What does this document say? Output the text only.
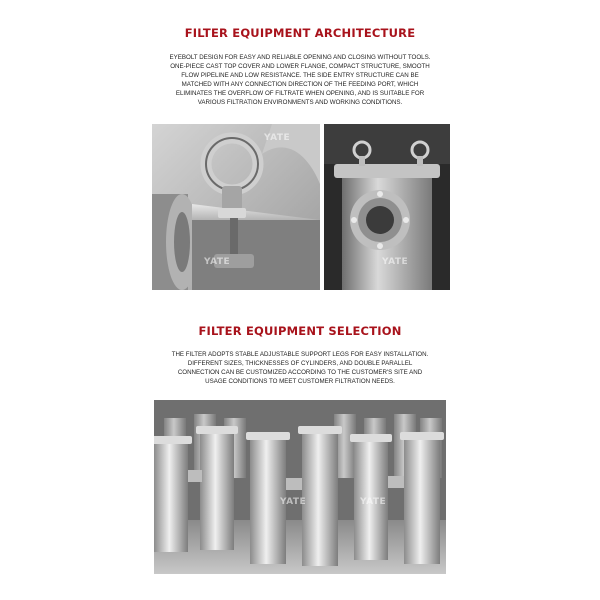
FILTER EQUIPMENT ARCHITECTURE
EYEBOLT DESIGN FOR EASY AND RELIABLE OPENING AND CLOSING WITHOUT TOOLS.
ONE-PIECE CAST TOP COVER AND LOWER FLANGE, COMPACT STRUCTURE, SMOOTH
FLOW PIPELINE AND LOW RESISTANCE. THE SIDE ENTRY STRUCTURE CAN BE
MATCHED WITH ANY CONNECTION DIRECTION OF THE FEEDING PORT, WHICH
ELIMINATES THE OVERFLOW OF FILTRATE WHEN OPENING, AND IS SUITABLE FOR
VARIOUS FILTRATION ENVIRONMENTS AND WORKING CONDITIONS.
YATE
YATE
YATE
FILTER EQUIPMENT SELECTION
THE FILTER ADOPTS STABLE ADJUSTABLE SUPPORT LEGS FOR EASY INSTALLATION.
DIFFERENT SIZES, THICKNESSES OF CYLINDERS, AND DOUBLE PARALLEL
CONNECTION CAN BE CUSTOMIZED ACCORDING TO THE CUSTOMER'S SITE AND
USAGE CONDITIONS TO MEET CUSTOMER FILTRATION NEEDS.
YATE	YATE
